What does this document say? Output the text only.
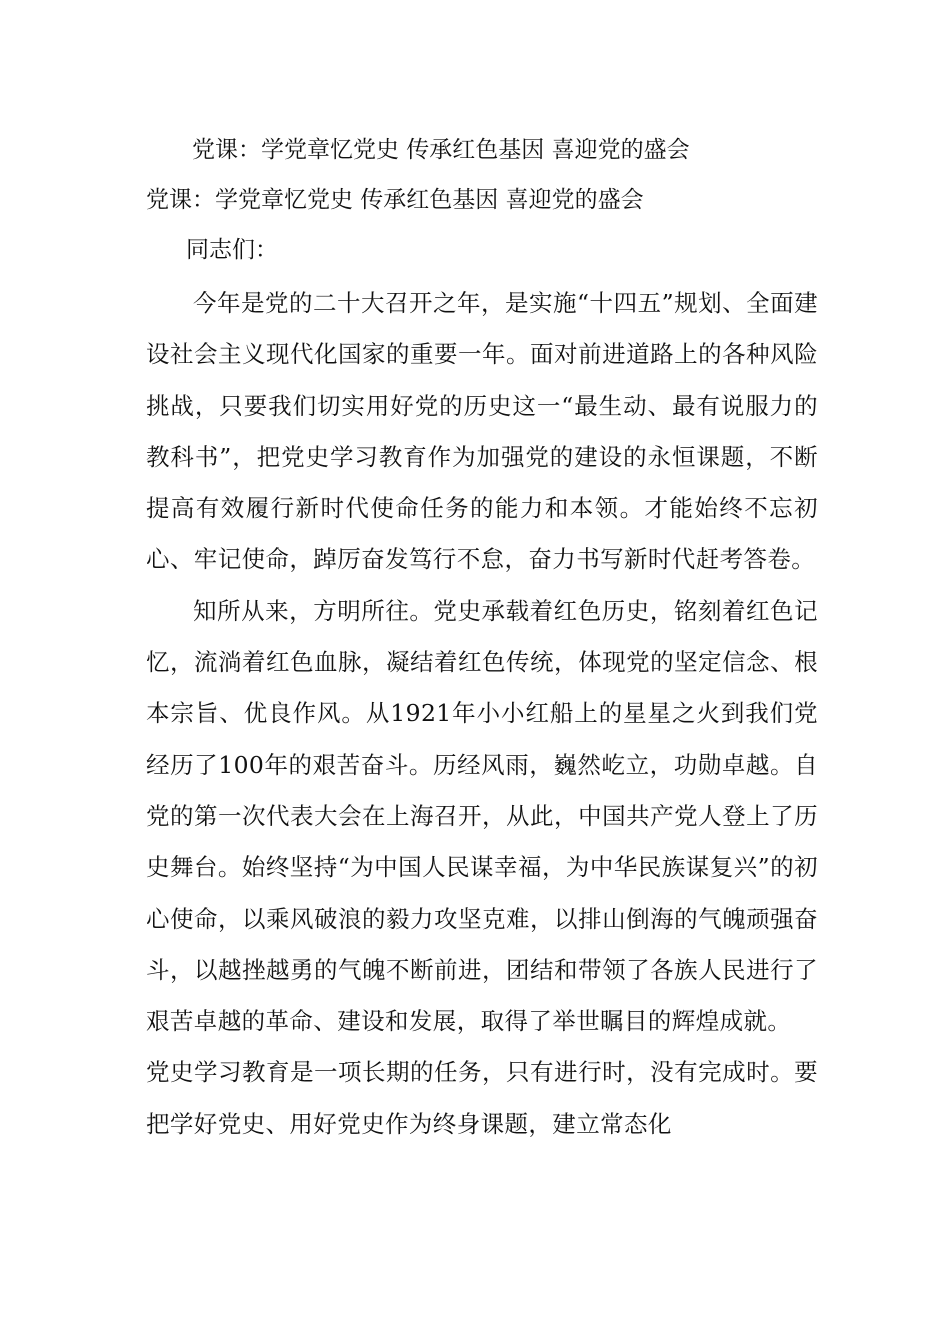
党课：学党章忆党史 传承红色基因 喜迎党的盛会
党课：学党章忆党史 传承红色基因 喜迎党的盛会

同志们：

今年是党的二十大召开之年，是实施“十四五”规划、全面建设社会主义现代化国家的重要一年。面对前进道路上的各种风险挑战，只要我们切实用好党的历史这一“最生动、最有说服力的教科书”，把党史学习教育作为加强党的建设的永恒课题，不断提高有效履行新时代使命任务的能力和本领。才能始终不忘初心、牢记使命，踔厉奋发笃行不怠，奋力书写新时代赶考答卷。

知所从来，方明所往。党史承载着红色历史，铭刻着红色记忆，流淌着红色血脉，凝结着红色传统，体现党的坚定信念、根本宗旨、优良作风。从1921年小小红船上的星星之火到我们党经历了100年的艰苦奋斗。历经风雨，巍然屹立，功勋卓越。自党的第一次代表大会在上海召开，从此，中国共产党人登上了历史舞台。始终坚持“为中国人民谋幸福，为中华民族谋复兴”的初心使命，以乘风破浪的毅力攻坚克难，以排山倒海的气魄顽强奋斗，以越挫越勇的气魄不断前进，团结和带领了各族人民进行了艰苦卓越的革命、建设和发展，取得了举世瞩目的辉煌成就。

党史学习教育是一项长期的任务，只有进行时，没有完成时。要把学好党史、用好党史作为终身课题，建立常态化
